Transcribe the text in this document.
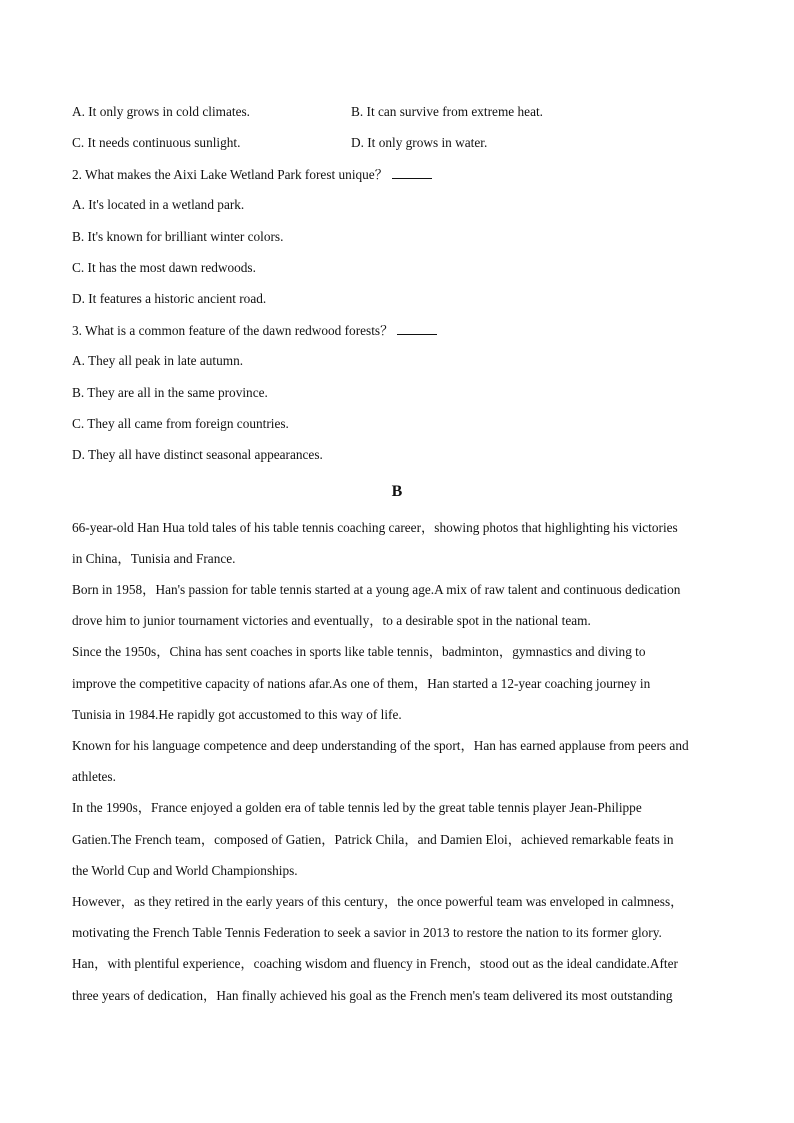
A. It only grows in cold climates.	B. It can survive from extreme heat.
C. It needs continuous sunlight.	D. It only grows in water.
2. What makes the Aixi Lake Wetland Park forest unique？
A. It's located in a wetland park.
B. It's known for brilliant winter colors.
C. It has the most dawn redwoods.
D. It features a historic ancient road.
3. What is a common feature of the dawn redwood forests？
A. They all peak in late autumn.
B. They are all in the same province.
C. They all came from foreign countries.
D. They all have distinct seasonal appearances.
B
66-year-old Han Hua told tales of his table tennis coaching career，showing photos that highlighting his victories
in China，Tunisia and France.
Born in 1958，Han's passion for table tennis started at a young age.A mix of raw talent and continuous dedication
drove him to junior tournament victories and eventually，to a desirable spot in the national team.
Since the 1950s，China has sent coaches in sports like table tennis，badminton，gymnastics and diving to
improve the competitive capacity of nations afar.As one of them，Han started a 12-year coaching journey in
Tunisia in 1984.He rapidly got accustomed to this way of life.
Known for his language competence and deep understanding of the sport，Han has earned applause from peers and
athletes.
In the 1990s，France enjoyed a golden era of table tennis led by the great table tennis player Jean-Philippe
Gatien.The French team，composed of Gatien，Patrick Chila，and Damien Eloi，achieved remarkable feats in
the World Cup and World Championships.
However，as they retired in the early years of this century，the once powerful team was enveloped in calmness，
motivating the French Table Tennis Federation to seek a savior in 2013 to restore the nation to its former glory.
Han，with plentiful experience，coaching wisdom and fluency in French，stood out as the ideal candidate.After
three years of dedication，Han finally achieved his goal as the French men's team delivered its most outstanding
